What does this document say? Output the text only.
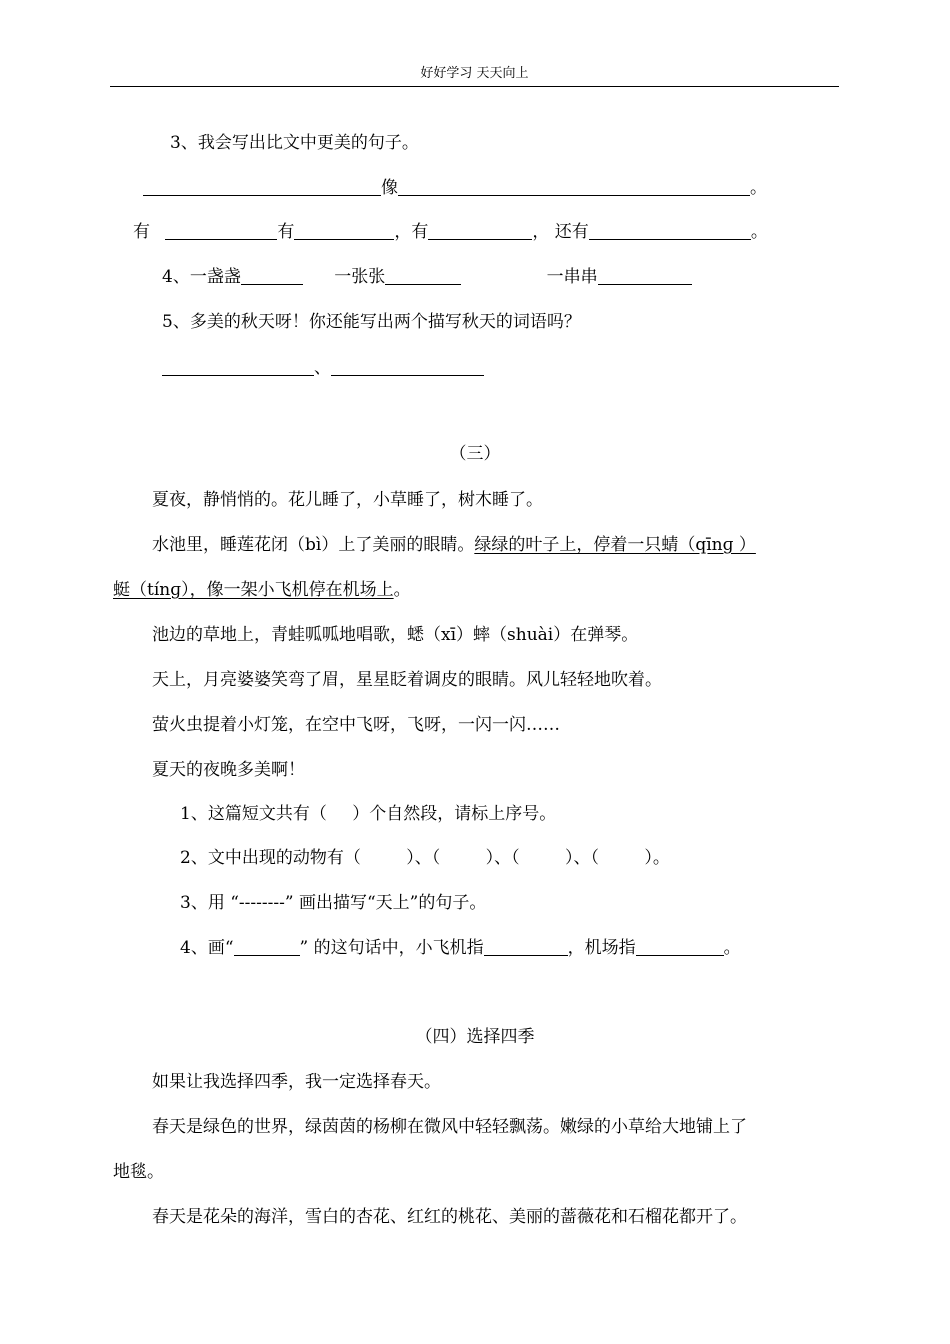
好好学习 天天向上
3、我会写出比文中更美的句子。
像	。
有	有	，有	， 还有	。
4、一盏盏	一张张	一串串
5、多美的秋天呀！你还能写出两个描写秋天的词语吗？
、
（三）
夏夜，静悄悄的。花儿睡了，小草睡了，树木睡了。
水池里，睡莲花闭（bì）上了美丽的眼睛。绿绿的叶子上，停着一只蜻（qīnɡ ）
蜓（tínɡ），像一架小飞机停在机场上。
池边的草地上，青蛙呱呱地唱歌，蟋（xī）蟀（shuài）在弹琴。
天上，月亮婆婆笑弯了眉，星星眨着调皮的眼睛。风儿轻轻地吹着。
萤火虫提着小灯笼，在空中飞呀，飞呀，一闪一闪……
夏天的夜晚多美啊！
1、这篇短文共有（ ）个自然段，请标上序号。
2、文中出现的动物有（ ）、（ ）、（ ）、（ ）。
3、用 “--------” 画出描写“天上”的句子。
4、画“	” 的这句话中，小飞机指	，机场指	。
（四）选择四季
如果让我选择四季，我一定选择春天。
春天是绿色的世界，绿茵茵的杨柳在微风中轻轻飘荡。嫩绿的小草给大地铺上了
地毯。
春天是花朵的海洋，雪白的杏花、红红的桃花、美丽的蔷薇花和石榴花都开了。
